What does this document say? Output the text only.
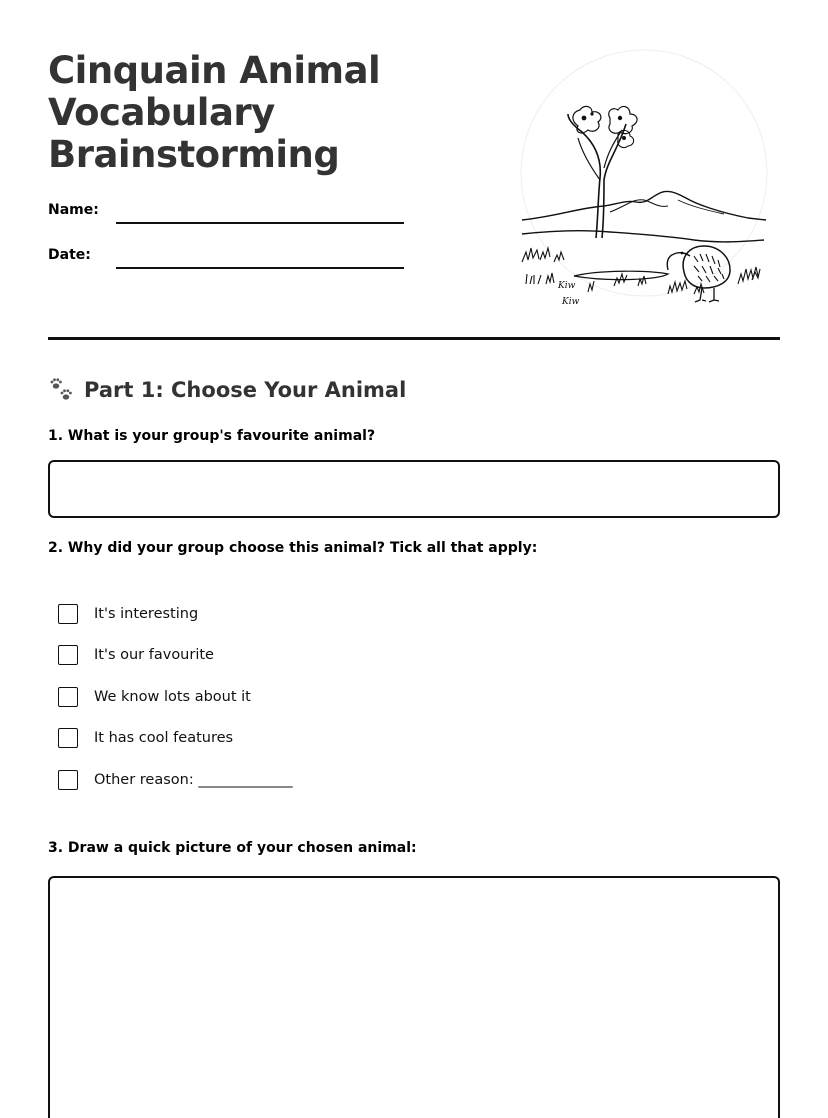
Cinquain Animal
Vocabulary
Brainstorming
Name:
Date:
Kiw
Kiw
Part 1: Choose Your Animal
1. What is your group's favourite animal?
2. Why did your group choose this animal? Tick all that apply:
It's interesting
It's our favourite
We know lots about it
It has cool features
Other reason: _____________
3. Draw a quick picture of your chosen animal:
